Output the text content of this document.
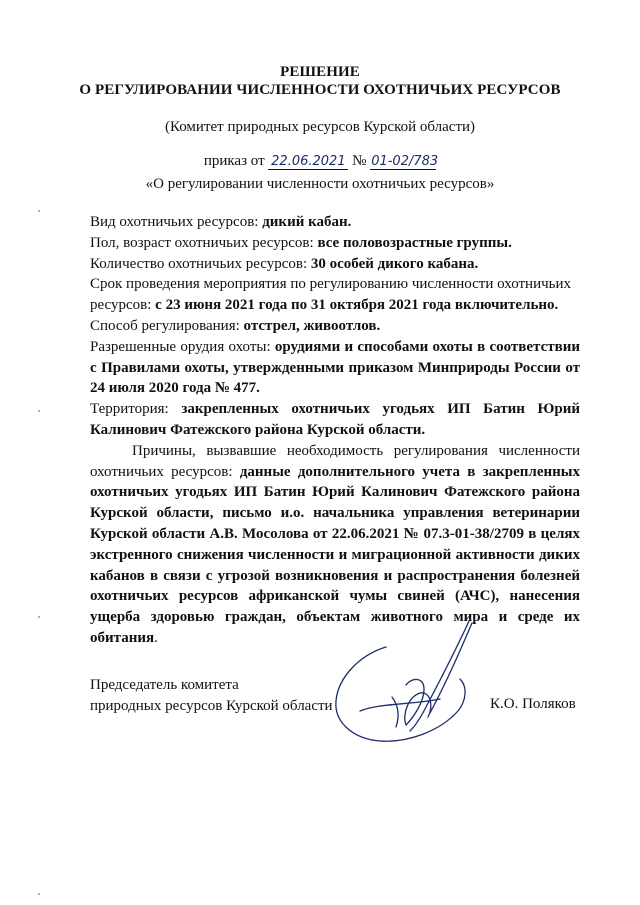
РЕШЕНИЕ
О РЕГУЛИРОВАНИИ ЧИСЛЕННОСТИ ОХОТНИЧЬИХ РЕСУРСОВ
(Комитет природных ресурсов Курской области)
приказ от 22.06.2021 № 01-02/783
«О регулировании численности охотничьих ресурсов»

Вид охотничьих ресурсов: дикий кабан.

Пол, возраст охотничьих ресурсов: все половозрастные группы.

Количество охотничьих ресурсов: 30 особей дикого кабана.

Срок проведения мероприятия по регулированию численности охотничьих ресурсов: с 23 июня 2021 года по 31 октября 2021 года включительно.

Способ регулирования: отстрел, живоотлов.

Разрешенные орудия охоты: орудиями и способами охоты в соответствии с Правилами охоты, утвержденными приказом Минприроды России от 24 июля 2020 года № 477.

Территория: закрепленных охотничьих угодьях ИП Батин Юрий Калинович Фатежского района Курской области.

Причины, вызвавшие необходимость регулирования численности охотничьих ресурсов: данные дополнительного учета в закрепленных охотничьих угодьях ИП Батин Юрий Калинович Фатежского района Курской области, письмо и.о. начальника управления ветеринарии Курской области А.В. Мосолова от 22.06.2021 № 07.3-01-38/2709 в целях экстренного снижения численности и миграционной активности диких кабанов в связи с угрозой возникновения и распространения болезней охотничьих ресурсов африканской чумы свиней (АЧС), нанесения ущерба здоровью граждан, объектам животного мира и среде их обитания.

Председатель комитета
природных ресурсов Курской области	К.О. Поляков
